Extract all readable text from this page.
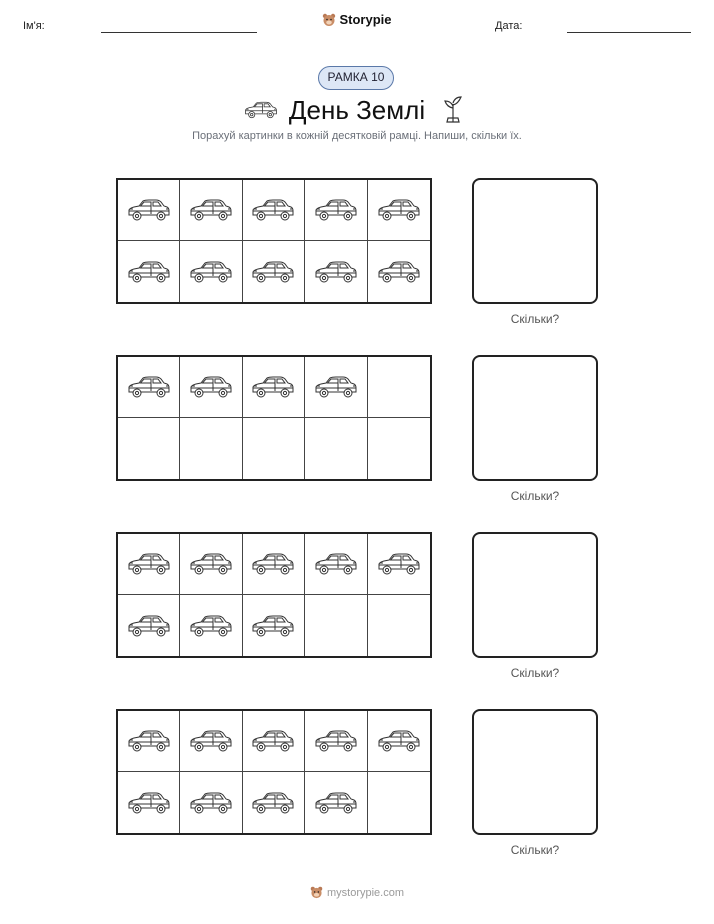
Ім'я:	Storypie	Дата:
РАМКА 10
День Землі
Порахуй картинки в кожній десятковій рамці. Напиши, скільки їх.
Скільки?
Скільки?
Скільки?
Скільки?
mystorypie.com
